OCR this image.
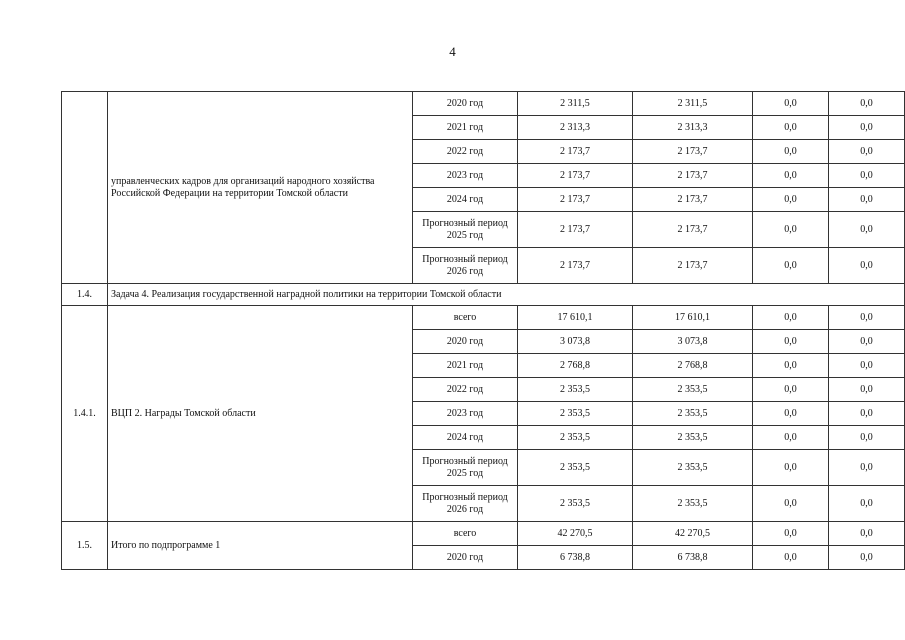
4
	управленческих кадров для организаций народного хозяйства Российской Федерации на территории Томской области	2020 год	2 311,5	2 311,5	0,0	0,0
		2021 год	2 313,3	2 313,3	0,0	0,0
		2022 год	2 173,7	2 173,7	0,0	0,0
		2023 год	2 173,7	2 173,7	0,0	0,0
		2024 год	2 173,7	2 173,7	0,0	0,0
		Прогнозный период 2025 год	2 173,7	2 173,7	0,0	0,0
		Прогнозный период 2026 год	2 173,7	2 173,7	0,0	0,0
1.4.	Задача 4. Реализация государственной наградной политики на территории Томской области					
1.4.1.	ВЦП 2. Награды Томской области	всего	17 610,1	17 610,1	0,0	0,0
		2020 год	3 073,8	3 073,8	0,0	0,0
		2021 год	2 768,8	2 768,8	0,0	0,0
		2022 год	2 353,5	2 353,5	0,0	0,0
		2023 год	2 353,5	2 353,5	0,0	0,0
		2024 год	2 353,5	2 353,5	0,0	0,0
		Прогнозный период 2025 год	2 353,5	2 353,5	0,0	0,0
		Прогнозный период 2026 год	2 353,5	2 353,5	0,0	0,0
1.5.	Итого по подпрограмме 1	всего	42 270,5	42 270,5	0,0	0,0
		2020 год	6 738,8	6 738,8	0,0	0,0
